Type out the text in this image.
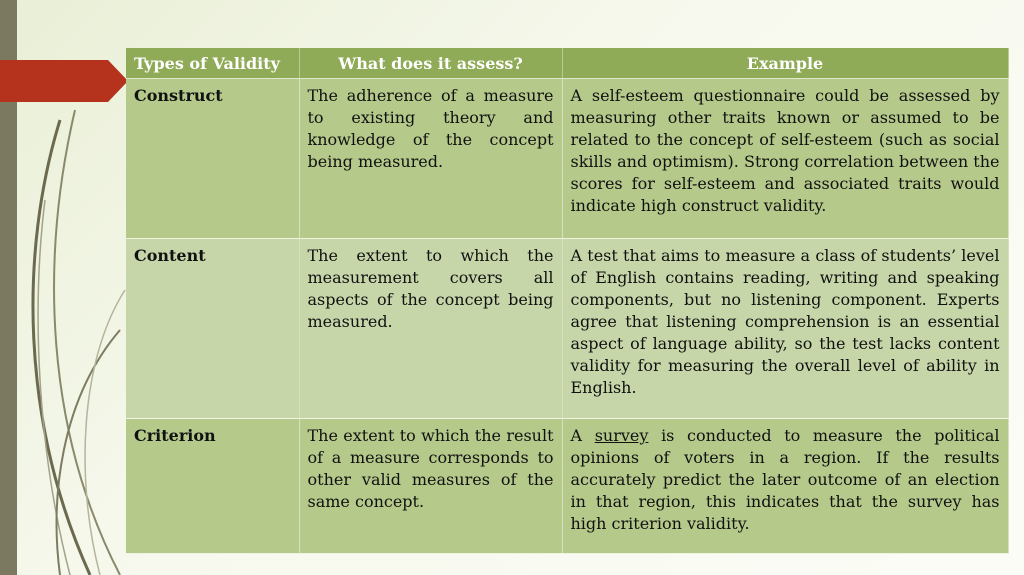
Types of Validity	What does it assess?	Example
Construct	The adherence of a measure to existing theory and knowledge of the concept being measured.	A self-esteem questionnaire could be assessed by measuring other traits known or assumed to be related to the concept of self-esteem (such as social skills and optimism). Strong correlation between the scores for self-esteem and associated traits would indicate high construct validity.
Content	The extent to which the measurement covers all aspects of the concept being measured.	A test that aims to measure a class of students’ level of English contains reading, writing and speaking components, but no listening component. Experts agree that listening comprehension is an essential aspect of language ability, so the test lacks content validity for measuring the overall level of ability in English.
Criterion	The extent to which the result of a measure corresponds to other valid measures of the same concept.	A survey is conducted to measure the political opinions of voters in a region. If the results accurately predict the later outcome of an election in that region, this indicates that the survey has high criterion validity.
